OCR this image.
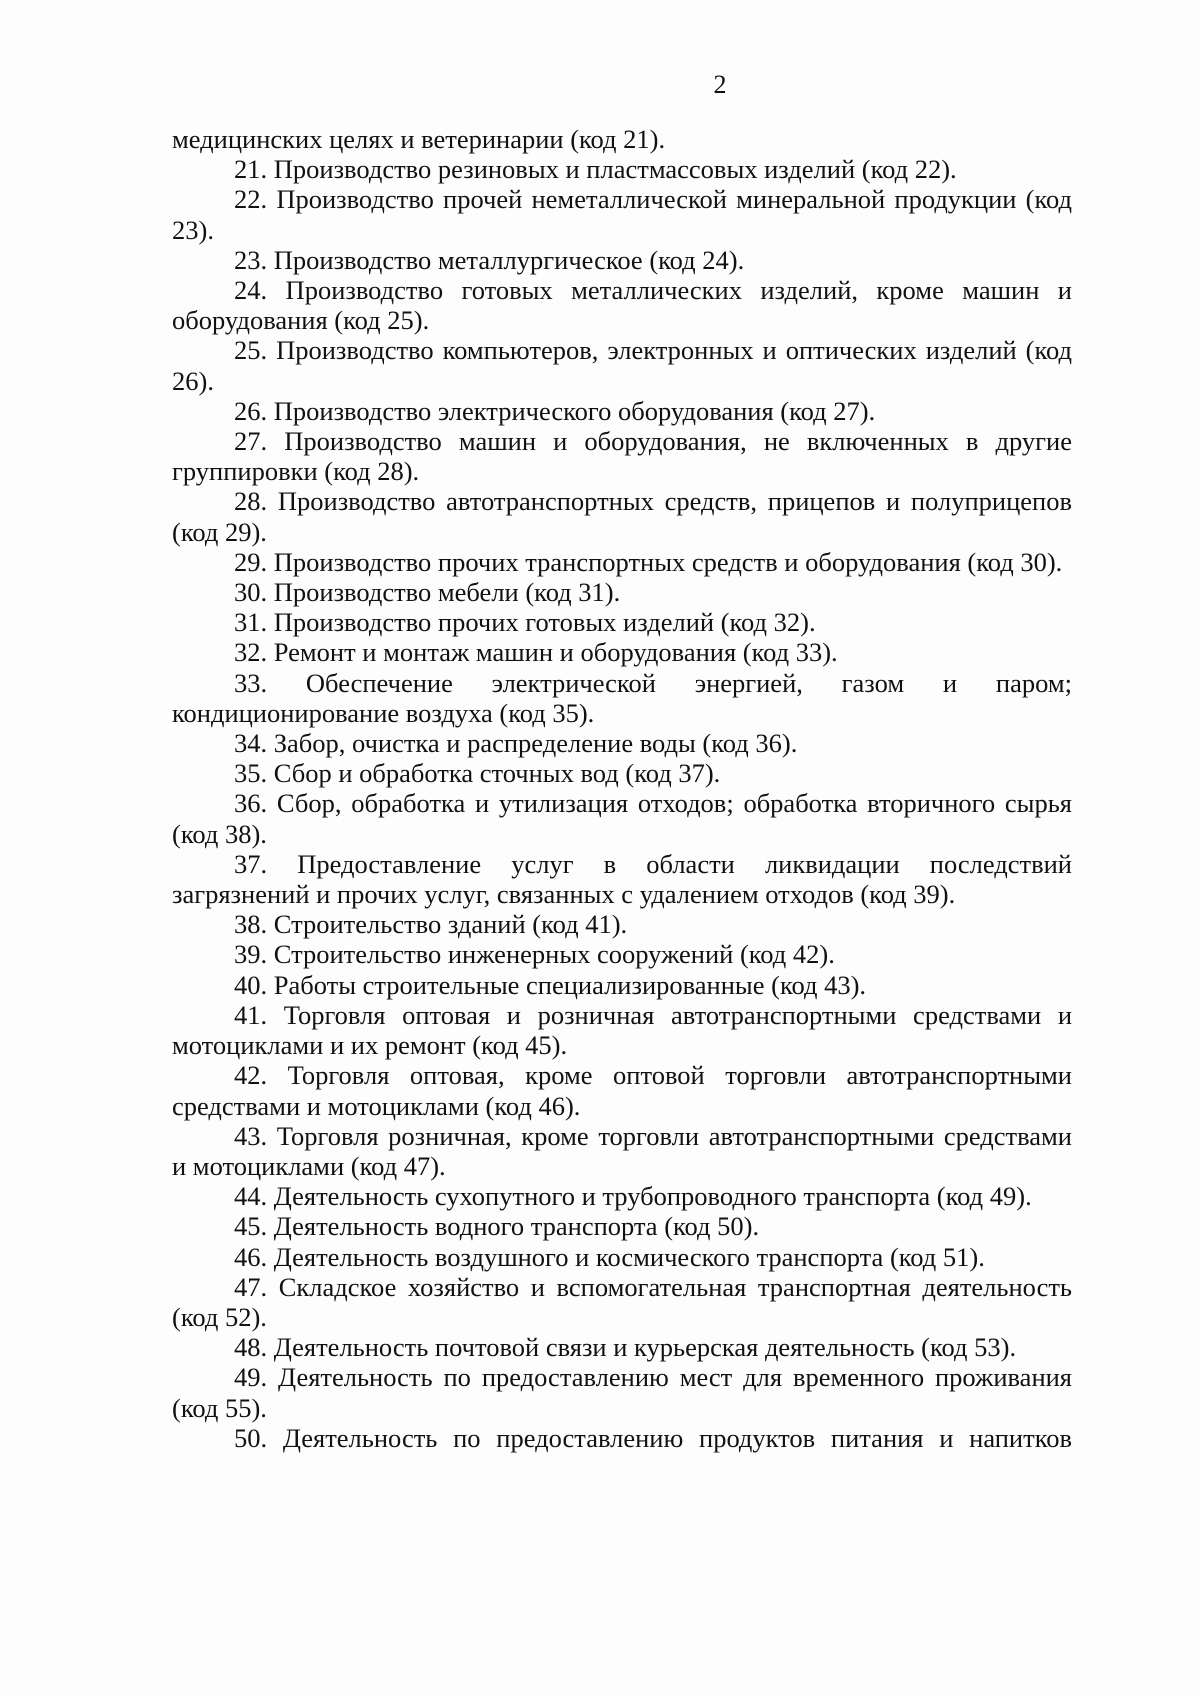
2

медицинских целях и ветеринарии (код 21).

21. Производство резиновых и пластмассовых изделий (код 22).

22. Производство прочей неметаллической минеральной продукции (код 23).

23. Производство металлургическое (код 24).

24. Производство готовых металлических изделий, кроме машин и оборудования (код 25).

25. Производство компьютеров, электронных и оптических изделий (код 26).

26. Производство электрического оборудования (код 27).

27. Производство машин и оборудования, не включенных в другие группировки (код 28).

28. Производство автотранспортных средств, прицепов и полуприцепов (код 29).

29. Производство прочих транспортных средств и оборудования (код 30).

30. Производство мебели (код 31).

31. Производство прочих готовых изделий (код 32).

32. Ремонт и монтаж машин и оборудования (код 33).

33. Обеспечение электрической энергией, газом и паром; кондиционирование воздуха (код 35).

34. Забор, очистка и распределение воды (код 36).

35. Сбор и обработка сточных вод (код 37).

36. Сбор, обработка и утилизация отходов; обработка вторичного сырья (код 38).

37. Предоставление услуг в области ликвидации последствий загрязнений и прочих услуг, связанных с удалением отходов (код 39).

38. Строительство зданий (код 41).

39. Строительство инженерных сооружений (код 42).

40. Работы строительные специализированные (код 43).

41. Торговля оптовая и розничная автотранспортными средствами и мотоциклами и их ремонт (код 45).

42. Торговля оптовая, кроме оптовой торговли автотранспортными средствами и мотоциклами (код 46).

43. Торговля розничная, кроме торговли автотранспортными средствами и мотоциклами (код 47).

44. Деятельность сухопутного и трубопроводного транспорта (код 49).

45. Деятельность водного транспорта (код 50).

46. Деятельность воздушного и космического транспорта (код 51).

47. Складское хозяйство и вспомогательная транспортная деятельность (код 52).

48. Деятельность почтовой связи и курьерская деятельность (код 53).

49. Деятельность по предоставлению мест для временного проживания (код 55).

50. Деятельность по предоставлению продуктов питания и напитков
